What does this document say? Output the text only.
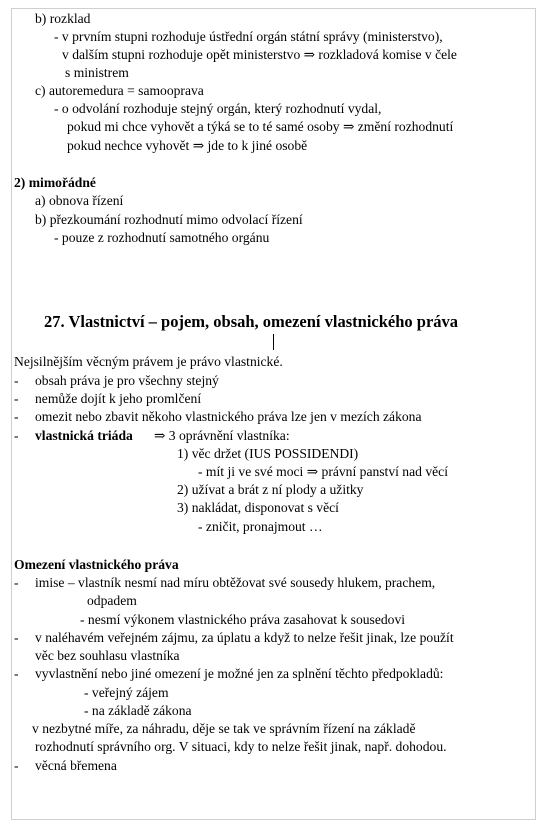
b) rozklad
- v prvním stupni rozhoduje ústřední orgán státní správy (ministerstvo),
v dalším stupni rozhoduje opět ministerstvo ⇒ rozkladová komise v čele
s ministrem
c) autoremedura = samooprava
- o odvolání rozhoduje stejný orgán, který rozhodnutí vydal,
pokud mi chce vyhovět a týká se to té samé osoby ⇒ změní rozhodnutí
pokud nechce vyhovět ⇒ jde to k jiné osobě
2) mimořádné
a) obnova řízení
b) přezkoumání rozhodnutí mimo odvolací řízení
- pouze z rozhodnutí samotného orgánu
27. Vlastnictví – pojem, obsah, omezení vlastnického práva
Nejsilnějším věcným právem je právo vlastnické.
- obsah práva je pro všechny stejný
- nemůže dojít k jeho promlčení
- omezit nebo zbavit někoho vlastnického práva lze jen v mezích zákona
- vlastnická triáda ⇒ 3 oprávnění vlastníka:
1) věc držet (IUS POSSIDENDI)
- mít ji ve své moci ⇒ právní panství nad věcí
2) užívat a brát z ní plody a užitky
3) nakládat, disponovat s věcí
- zničit, pronajmout …
Omezení vlastnického práva
- imise – vlastník nesmí nad míru obtěžovat své sousedy hlukem, prachem,
odpadem
- nesmí výkonem vlastnického práva zasahovat k sousedovi
- v naléhavém veřejném zájmu, za úplatu a když to nelze řešit jinak, lze použít
věc bez souhlasu vlastníka
- vyvlastnění nebo jiné omezení je možné jen za splnění těchto předpokladů:
- veřejný zájem
- na základě zákona
v nezbytné míře, za náhradu, děje se tak ve správním řízení na základě
rozhodnutí správního org. V situaci, kdy to nelze řešit jinak, např. dohodou.
- věcná břemena
